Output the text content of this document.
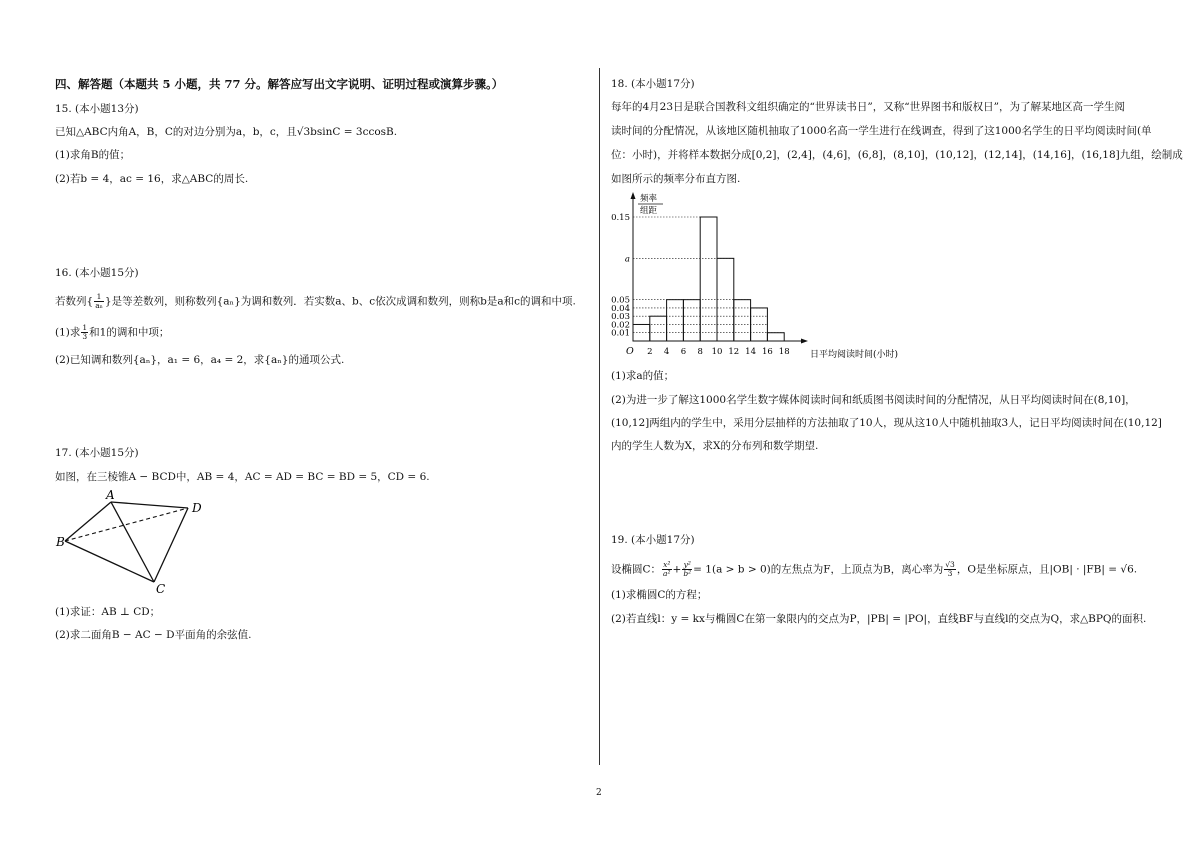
四、解答题（本题共 5 小题，共 77 分。解答应写出文字说明、证明过程或演算步骤。）
15. (本小题13分)
已知△ABC内角A，B，C的对边分别为a，b，c，且√3bsinC = 3ccosB.
(1)求角B的值；
(2)若b = 4，ac = 16，求△ABC的周长.
16. (本小题15分)
若数列{ $\frac{1}{\text{aₙ}}$ }是等差数列，则称数列{aₙ}为调和数列．若实数a、b、c依次成调和数列，则称b是a和c的调和中项.
(1)求 $\frac{1}{3}$ 和1的调和中项；
(2)已知调和数列{aₙ}，a₁ = 6，a₄ = 2，求{aₙ}的通项公式.
17. (本小题15分)
如图，在三棱锥A − BCD中，AB = 4，AC = AD = BC = BD = 5，CD = 6.
A
B
C
D
(1)求证：AB ⊥ CD；
(2)求二面角B − AC − D平面角的余弦值.
18. (本小题17分)
每年的4月23日是联合国教科文组织确定的“世界读书日”，又称“世界图书和版权日”，为了解某地区高一学生阅
读时间的分配情况，从该地区随机抽取了1000名高一学生进行在线调查，得到了这1000名学生的日平均阅读时间(单
位：小时)，并将样本数据分成[0,2]，(2,4]，(4,6]，(6,8]，(8,10]，(10,12]，(12,14]，(14,16]，(16,18]九组，绘制成
如图所示的频率分布直方图.
频率
组距
O	日平均阅读时间(小时)
0.01
0.02
0.03
0.04
0.05
a
0.15
2 4 6 8 10 12 14 16 18
(1)求a的值；
(2)为进一步了解这1000名学生数字媒体阅读时间和纸质图书阅读时间的分配情况，从日平均阅读时间在(8,10]，
(10,12]两组内的学生中，采用分层抽样的方法抽取了10人，现从这10人中随机抽取3人，记日平均阅读时间在(10,12]
内的学生人数为X，求X的分布列和数学期望.
19. (本小题17分)
设椭圆C： $\frac{\text{x²}}{\text{a²}} + \frac{\text{y²}}{\text{b²}} = 1(a > b > 0)$的左焦点为F，上顶点为B，离心率为 $\frac{√3}{3}$ ，O是坐标原点，且|OB| · |FB| = √6.
(1)求椭圆C的方程；
(2)若直线l：y = kx与椭圆C在第一象限内的交点为P，|PB| = |PO|，直线BF与直线l的交点为Q，求△BPQ的面积.
2
